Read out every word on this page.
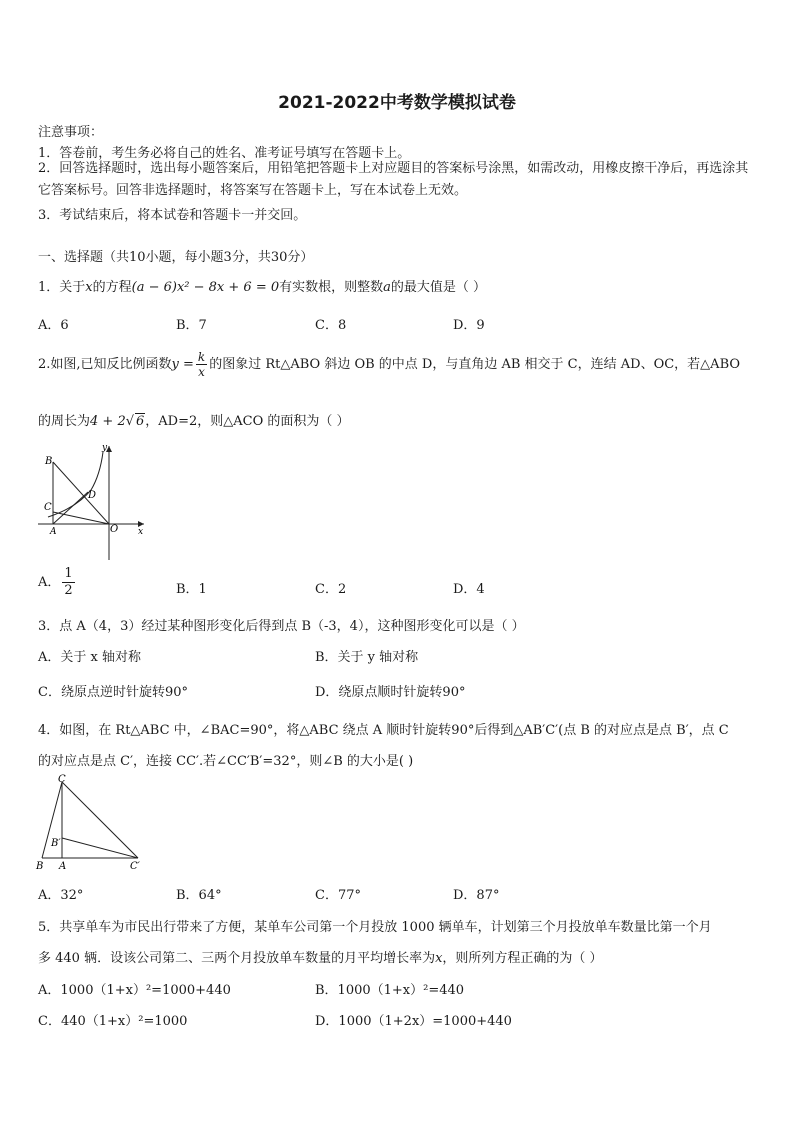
2021-2022中考数学模拟试卷
注意事项：
1．答卷前，考生务必将自己的姓名、准考证号填写在答题卡上。
2．回答选择题时，选出每小题答案后，用铅笔把答题卡上对应题目的答案标号涂黑，如需改动，用橡皮擦干净后，再选涂其它答案标号。回答非选择题时，将答案写在答题卡上，写在本试卷上无效。
3．考试结束后，将本试卷和答题卡一并交回。
一、选择题（共10小题，每小题3分，共30分）
1．关于x的方程(a − 6)x² − 8x + 6 = 0有实数根，则整数a的最大值是（ ）
A．6	B．7	C．8	D．9
2.如图,已知反比例函数$y = \frac{k}{x}$ 的图象过 Rt△ABO 斜边 OB 的中点 D，与直角边 AB 相交于 C，连结 AD、OC，若△ABO
的周长为4 + 2√ 6，AD=2，则△ACO 的面积为（ ）
B
C
D
A	O x
y
A． $\frac{1}{2}$	B．1	C．2	D．4
3．点 A（4，3）经过某种图形变化后得到点 B（-3，4），这种图形变化可以是（ ）
A．关于 x 轴对称	B．关于 y 轴对称
C．绕原点逆时针旋转90°	D．绕原点顺时针旋转90°
4．如图，在 Rt△ABC 中，∠BAC=90°，将△ABC 绕点 A 顺时针旋转90°后得到△AB′C′(点 B 的对应点是点 B′，点 C
的对应点是点 C′，连接 CC′.若∠CC′B′=32°，则∠B 的大小是( )
C
B′
B A	C′
A．32°	B．64°	C．77°	D．87°
5．共享单车为市民出行带来了方便，某单车公司第一个月投放 1000 辆单车，计划第三个月投放单车数量比第一个月
多 440 辆．设该公司第二、三两个月投放单车数量的月平均增长率为x，则所列方程正确的为（ ）
A．1000（1+x）²=1000+440	B．1000（1+x）²=440
C．440（1+x）²=1000	D．1000（1+2x）=1000+440
